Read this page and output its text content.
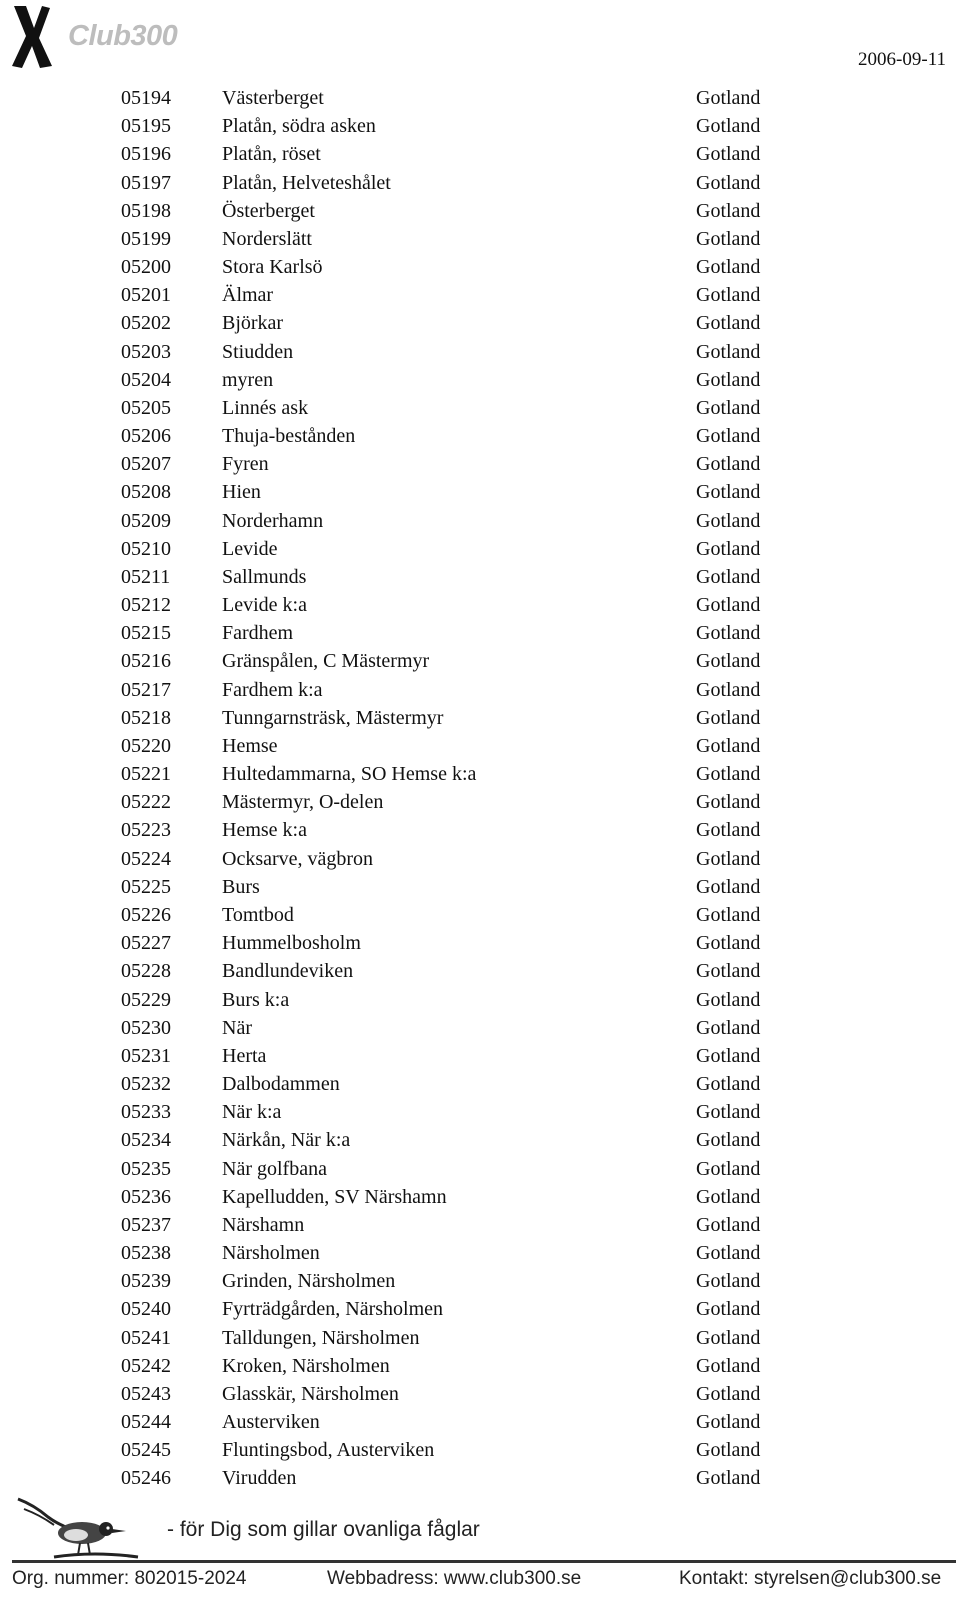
Club300
2006-09-11
05194	Västerberget	Gotland
05195	Platån, södra asken	Gotland
05196	Platån, röset	Gotland
05197	Platån, Helveteshålet	Gotland
05198	Österberget	Gotland
05199	Norderslätt	Gotland
05200	Stora Karlsö	Gotland
05201	Älmar	Gotland
05202	Björkar	Gotland
05203	Stiudden	Gotland
05204	myren	Gotland
05205	Linnés ask	Gotland
05206	Thuja-bestånden	Gotland
05207	Fyren	Gotland
05208	Hien	Gotland
05209	Norderhamn	Gotland
05210	Levide	Gotland
05211	Sallmunds	Gotland
05212	Levide k:a	Gotland
05215	Fardhem	Gotland
05216	Gränspålen, C Mästermyr	Gotland
05217	Fardhem k:a	Gotland
05218	Tunngarnsträsk, Mästermyr	Gotland
05220	Hemse	Gotland
05221	Hultedammarna, SO Hemse k:a	Gotland
05222	Mästermyr, O-delen	Gotland
05223	Hemse k:a	Gotland
05224	Ocksarve, vägbron	Gotland
05225	Burs	Gotland
05226	Tomtbod	Gotland
05227	Hummelbosholm	Gotland
05228	Bandlundeviken	Gotland
05229	Burs k:a	Gotland
05230	När	Gotland
05231	Herta	Gotland
05232	Dalbodammen	Gotland
05233	När k:a	Gotland
05234	Närkån, När k:a	Gotland
05235	När golfbana	Gotland
05236	Kapelludden, SV Närshamn	Gotland
05237	Närshamn	Gotland
05238	Närsholmen	Gotland
05239	Grinden, Närsholmen	Gotland
05240	Fyrträdgården, Närsholmen	Gotland
05241	Talldungen, Närsholmen	Gotland
05242	Kroken, Närsholmen	Gotland
05243	Glasskär, Närsholmen	Gotland
05244	Austerviken	Gotland
05245	Fluntingsbod, Austerviken	Gotland
05246	Virudden	Gotland
- för Dig som gillar ovanliga fåglar
Org. nummer: 802015-2024	Webbadress: www.club300.se	Kontakt: styrelsen@club300.se
